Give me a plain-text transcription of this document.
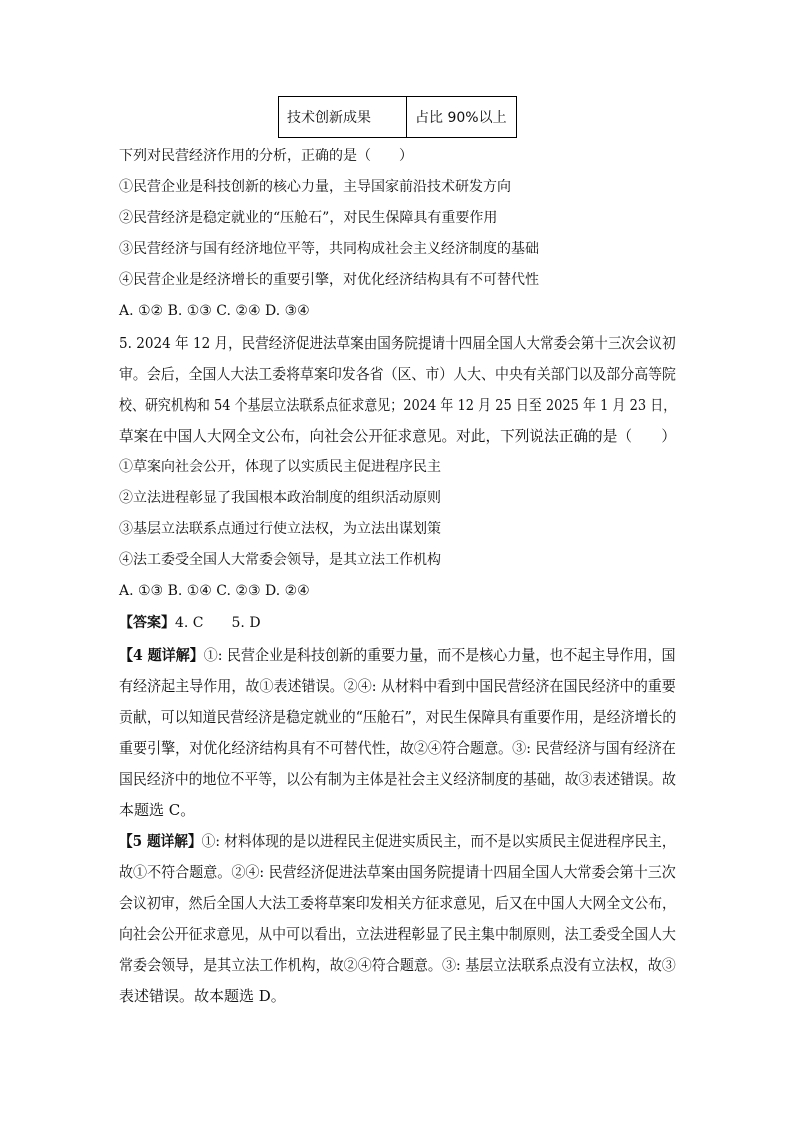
技术创新成果	占比 90%以上
下列对民营经济作用的分析，正确的是（　　）
①民营企业是科技创新的核心力量，主导国家前沿技术研发方向
②民营经济是稳定就业的“压舱石”，对民生保障具有重要作用
③民营经济与国有经济地位平等，共同构成社会主义经济制度的基础
④民营企业是经济增长的重要引擎，对优化经济结构具有不可替代性
A. ①② B. ①③ C. ②④ D. ③④
5. 2024 年 12 月，民营经济促进法草案由国务院提请十四届全国人大常委会第十三次会议初
审。会后，全国人大法工委将草案印发各省（区、市）人大、中央有关部门以及部分高等院
校、研究机构和 54 个基层立法联系点征求意见；2024 年 12 月 25 日至 2025 年 1 月 23 日，
草案在中国人大网全文公布，向社会公开征求意见。对此，下列说法正确的是（　　）
①草案向社会公开，体现了以实质民主促进程序民主
②立法进程彰显了我国根本政治制度的组织活动原则
③基层立法联系点通过行使立法权，为立法出谋划策
④法工委受全国人大常委会领导，是其立法工作机构
A. ①③ B. ①④ C. ②③ D. ②④
【答案】4. C　　5. D
【4 题详解】①: 民营企业是科技创新的重要力量，而不是核心力量，也不起主导作用，国
有经济起主导作用，故①表述错误。②④: 从材料中看到中国民营经济在国民经济中的重要
贡献，可以知道民营经济是稳定就业的“压舱石”，对民生保障具有重要作用，是经济增长的
重要引擎，对优化经济结构具有不可替代性，故②④符合题意。③: 民营经济与国有经济在
国民经济中的地位不平等，以公有制为主体是社会主义经济制度的基础，故③表述错误。故
本题选 C。
【5 题详解】①: 材料体现的是以进程民主促进实质民主，而不是以实质民主促进程序民主，
故①不符合题意。②④: 民营经济促进法草案由国务院提请十四届全国人大常委会第十三次
会议初审，然后全国人大法工委将草案印发相关方征求意见，后又在中国人大网全文公布，
向社会公开征求意见，从中可以看出，立法进程彰显了民主集中制原则，法工委受全国人大
常委会领导，是其立法工作机构，故②④符合题意。③: 基层立法联系点没有立法权，故③
表述错误。故本题选 D。
